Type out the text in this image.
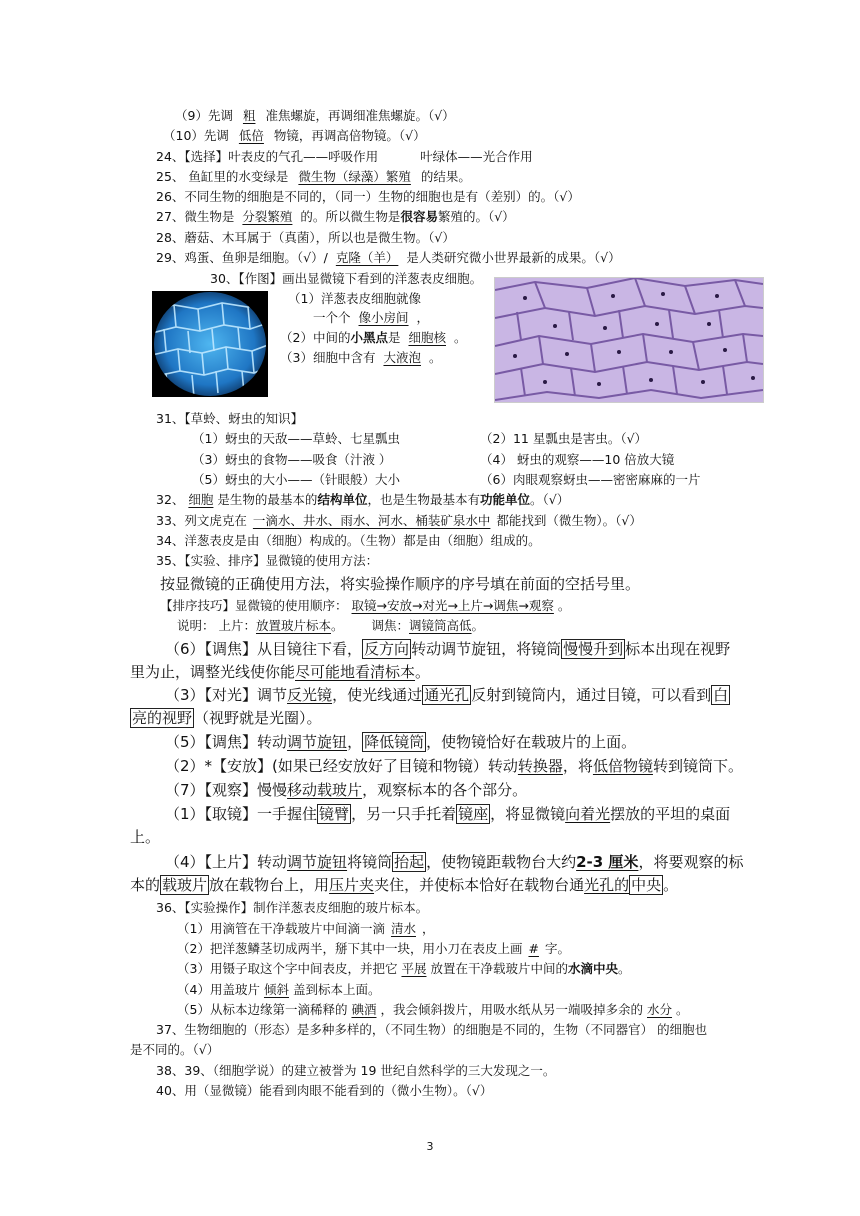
（9）先调 粗 准焦螺旋，再调细准焦螺旋。（√）
（10）先调 低倍 物镜，再调高倍物镜。（√）
24、【选择】叶表皮的气孔——呼吸作用	叶绿体——光合作用
25、 鱼缸里的水变绿是 微生物（绿藻）繁殖 的结果。
26、不同生物的细胞是不同的，（同一）生物的细胞也是有（差别）的。（√）
27、微生物是 分裂繁殖 的。所以微生物是很容易繁殖的。（√）
28、蘑菇、木耳属于（真菌），所以也是微生物。（√）
29、鸡蛋、鱼卵是细胞。（√）/ 克隆（羊） 是人类研究微小世界最新的成果。（√）
30、【作图】画出显微镜下看到的洋葱表皮细胞。
（1）洋葱表皮细胞就像
一个个 像小房间 ，
（2）中间的小黑点是 细胞核 。
（3）细胞中含有 大液泡 。
31、【草蛉、蚜虫的知识】
（1）蚜虫的天敌——草蛉、七星瓢虫	（2）11 星瓢虫是害虫。（√）
（3）蚜虫的食物——吸食（汁液 ）	（4） 蚜虫的观察——10 倍放大镜
（5）蚜虫的大小——（针眼般）大小	（6）肉眼观察蚜虫——密密麻麻的一片
32、 细胞 是生物的最基本的结构单位，也是生物最基本有功能单位。（√）
33、列文虎克在 一滴水、井水、雨水、河水、桶装矿泉水中 都能找到（微生物）。（√）
34、洋葱表皮是由（细胞）构成的。（生物）都是由（细胞）组成的。
35、【实验、排序】显微镜的使用方法：
按显微镜的正确使用方法，将实验操作顺序的序号填在前面的空括号里。
【排序技巧】显微镜的使用顺序： 取镜→安放→对光→上片→调焦→观察 。
说明： 上片：放置玻片标本。 调焦：调镜筒高低。
（6）【调焦】从目镜往下看， 反方向 转动调节旋钮，将镜筒 慢慢升到 标本出现在视野
里为止，调整光线使你能尽可能地看清标本。
（3）【对光】调节反光镜，使光线通过 通光孔 反射到镜筒内，通过目镜，可以看到 白
亮的视野 （视野就是光圈）。
（5）【调焦】转动调节旋钮， 降低镜筒 ，使物镜恰好在载玻片的上面。
（2）*【安放】(如果已经安放好了目镜和物镜）转动转换器，将低倍物镜转到镜筒下。
（7）【观察】慢慢移动载玻片，观察标本的各个部分。
（1）【取镜】一手握住 镜臂 ，另一只手托着 镜座 ，将显微镜向着光摆放的平坦的桌面
上。
（4）【上片】转动调节旋钮将镜筒 抬起 ，使物镜距载物台大约2-3 厘米，将要观察的标
本的 载玻片 放在载物台上，用压片夹夹住，并使标本恰好在载物台通光孔的 中央 。
36、【实验操作】制作洋葱表皮细胞的玻片标本。
（1）用滴管在干净载玻片中间滴一滴 清水 ，
（2）把洋葱鳞茎切成两半，掰下其中一块，用小刀在表皮上画 # 字。
（3）用镊子取这个字中间表皮，并把它 平展 放置在干净载玻片中间的水滴中央。
（4）用盖玻片 倾斜 盖到标本上面。
（5）从标本边缘第一滴稀释的 碘酒 ，我会倾斜拨片，用吸水纸从另一端吸掉多余的 水分 。
37、生物细胞的（形态）是多种多样的，（不同生物）的细胞是不同的，生物（不同器官） 的细胞也
是不同的。（√）
38、39、（细胞学说）的建立被誉为 19 世纪自然科学的三大发现之一。
40、用（显微镜）能看到肉眼不能看到的（微小生物）。（√）
3
